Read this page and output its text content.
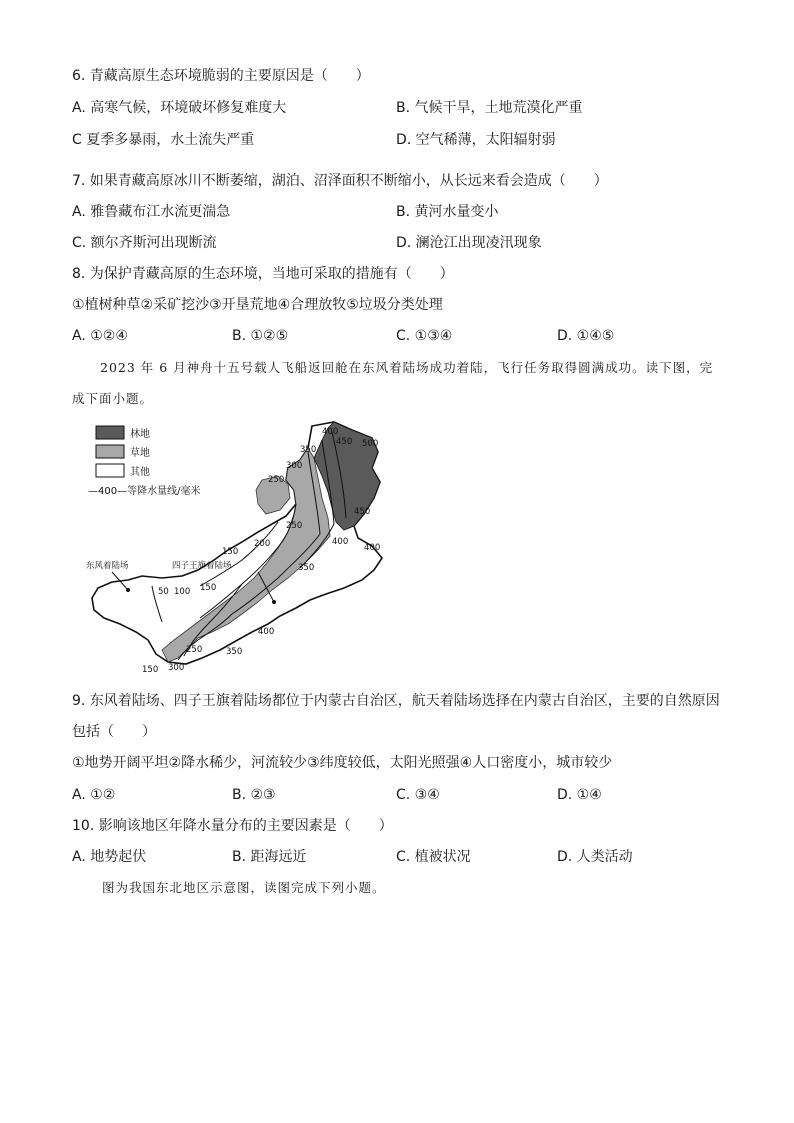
6. 青藏高原生态环境脆弱的主要原因是（　　）
A. 高寒气候，环境破坏修复难度大	B. 气候干旱，土地荒漠化严重
C 夏季多暴雨，水土流失严重	D. 空气稀薄，太阳辐射弱
7. 如果青藏高原冰川不断萎缩，湖泊、沼泽面积不断缩小，从长远来看会造成（　　）
A. 雅鲁藏布江水流更湍急	B. 黄河水量变小
C. 额尔齐斯河出现断流	D. 澜沧江出现凌汛现象
8. 为保护青藏高原的生态环境，当地可采取的措施有（　　）
①植树种草②采矿挖沙③开垦荒地④合理放牧⑤垃圾分类处理
A. ①②④	B. ①②⑤	C. ①③④	D. ①④⑤
2023 年 6 月神舟十五号载人飞船返回舱在东风着陆场成功着陆，飞行任务取得圆满成功。读下图，完
成下面小题。
林地
草地
其他
—400—等降水量线/毫米
400
450 500
350
300
250
450
250
400
400
200
150
350
150
50 100
400
350
250
300
150
东风着陆场	四子王旗着陆场
9. 东风着陆场、四子王旗着陆场都位于内蒙古自治区，航天着陆场选择在内蒙古自治区，主要的自然原因
包括（　　）
①地势开阔平坦②降水稀少，河流较少③纬度较低，太阳光照强④人口密度小，城市较少
A. ①②	B. ②③	C. ③④	D. ①④
10. 影响该地区年降水量分布的主要因素是（　　）
A. 地势起伏	B. 距海远近	C. 植被状况	D. 人类活动
图为我国东北地区示意图，读图完成下列小题。
